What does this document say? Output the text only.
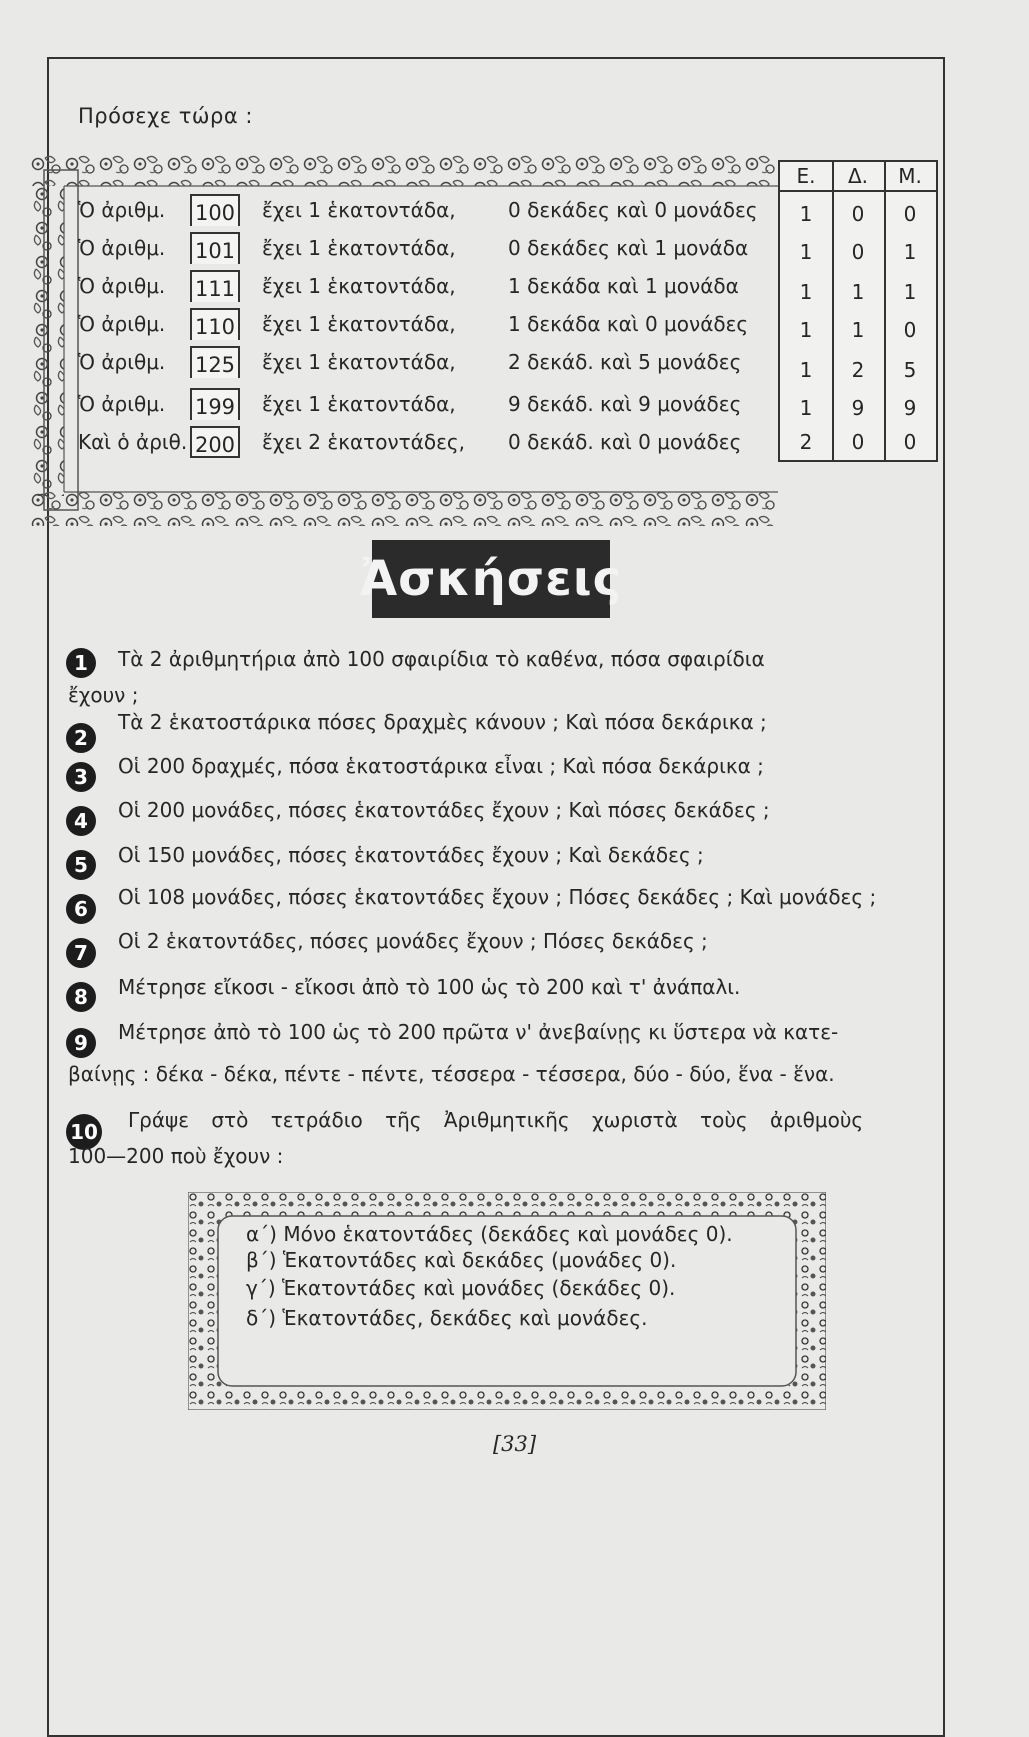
Πρόσεχε τώρα :
Ὁ ἀριθμ. 100 ἔχει 1 ἑκατοντάδα,	0 δεκάδες καὶ 0 μονάδες
Ὁ ἀριθμ. 101 ἔχει 1 ἑκατοντάδα,	0 δεκάδες καὶ 1 μονάδα
Ὁ ἀριθμ. 111 ἔχει 1 ἑκατοντάδα,	1 δεκάδα καὶ 1 μονάδα
Ὁ ἀριθμ. 110 ἔχει 1 ἑκατοντάδα,	1 δεκάδα καὶ 0 μονάδες
Ὁ ἀριθμ. 125 ἔχει 1 ἑκατοντάδα,	2 δεκάδ. καὶ 5 μονάδες
Ὁ ἀριθμ. 199 ἔχει 1 ἑκατοντάδα,	9 δεκάδ. καὶ 9 μονάδες
Καὶ ὁ ἀριθ. 200 ἔχει 2 ἑκατοντάδες, 0 δεκάδ. καὶ 0 μονάδες
Ε.	Δ.	Μ.
1	0	0
1	0	1
1	1	1
1	1	0
1	2	5
1	9	9
2	0	0
Ἀσκήσεις
1	Τὰ 2 ἀριθμητήρια ἀπὸ 100 σφαιρίδια τὸ καθένα, πόσα σφαιρίδια
ἔχουν ;
2
Τὰ 2 ἑκατοστάρικα πόσες δραχμὲς κάνουν ; Καὶ πόσα δεκάρικα ;
3	Οἱ 200 δραχμές, πόσα ἑκατοστάρικα εἶναι ; Καὶ πόσα δεκάρικα ;
4	Οἱ 200 μονάδες, πόσες ἑκατοντάδες ἔχουν ; Καὶ πόσες δεκάδες ;
5	Οἱ 150 μονάδες, πόσες ἑκατοντάδες ἔχουν ; Καὶ δεκάδες ;
6	Οἱ 108 μονάδες, πόσες ἑκατοντάδες ἔχουν ; Πόσες δεκάδες ; Καὶ μονάδες ;
7	Οἱ 2 ἑκατοντάδες, πόσες μονάδες ἔχουν ; Πόσες δεκάδες ;
8	Μέτρησε εἴκοσι - εἴκοσι ἀπὸ τὸ 100 ὡς τὸ 200 καὶ τ' ἀνάπαλι.
9	Μέτρησε ἀπὸ τὸ 100 ὡς τὸ 200 πρῶτα ν' ἀνεβαίνῃς κι ὕστερα νὰ κατε-
βαίνῃς : δέκα - δέκα, πέντε - πέντε, τέσσερα - τέσσερα, δύο - δύο, ἕνα - ἕνα.
10 Γράψε στὸ τετράδιο τῆς Ἀριθμητικῆς χωριστὰ τοὺς ἀριθμοὺς
100—200 ποὺ ἔχουν :
α΄) Μόνο ἑκατοντάδες (δεκάδες καὶ μονάδες 0).
β΄) Ἑκατοντάδες καὶ δεκάδες (μονάδες 0).
γ΄) Ἑκατοντάδες καὶ μονάδες (δεκάδες 0).
δ΄) Ἑκατοντάδες, δεκάδες καὶ μονάδες.
[33]
